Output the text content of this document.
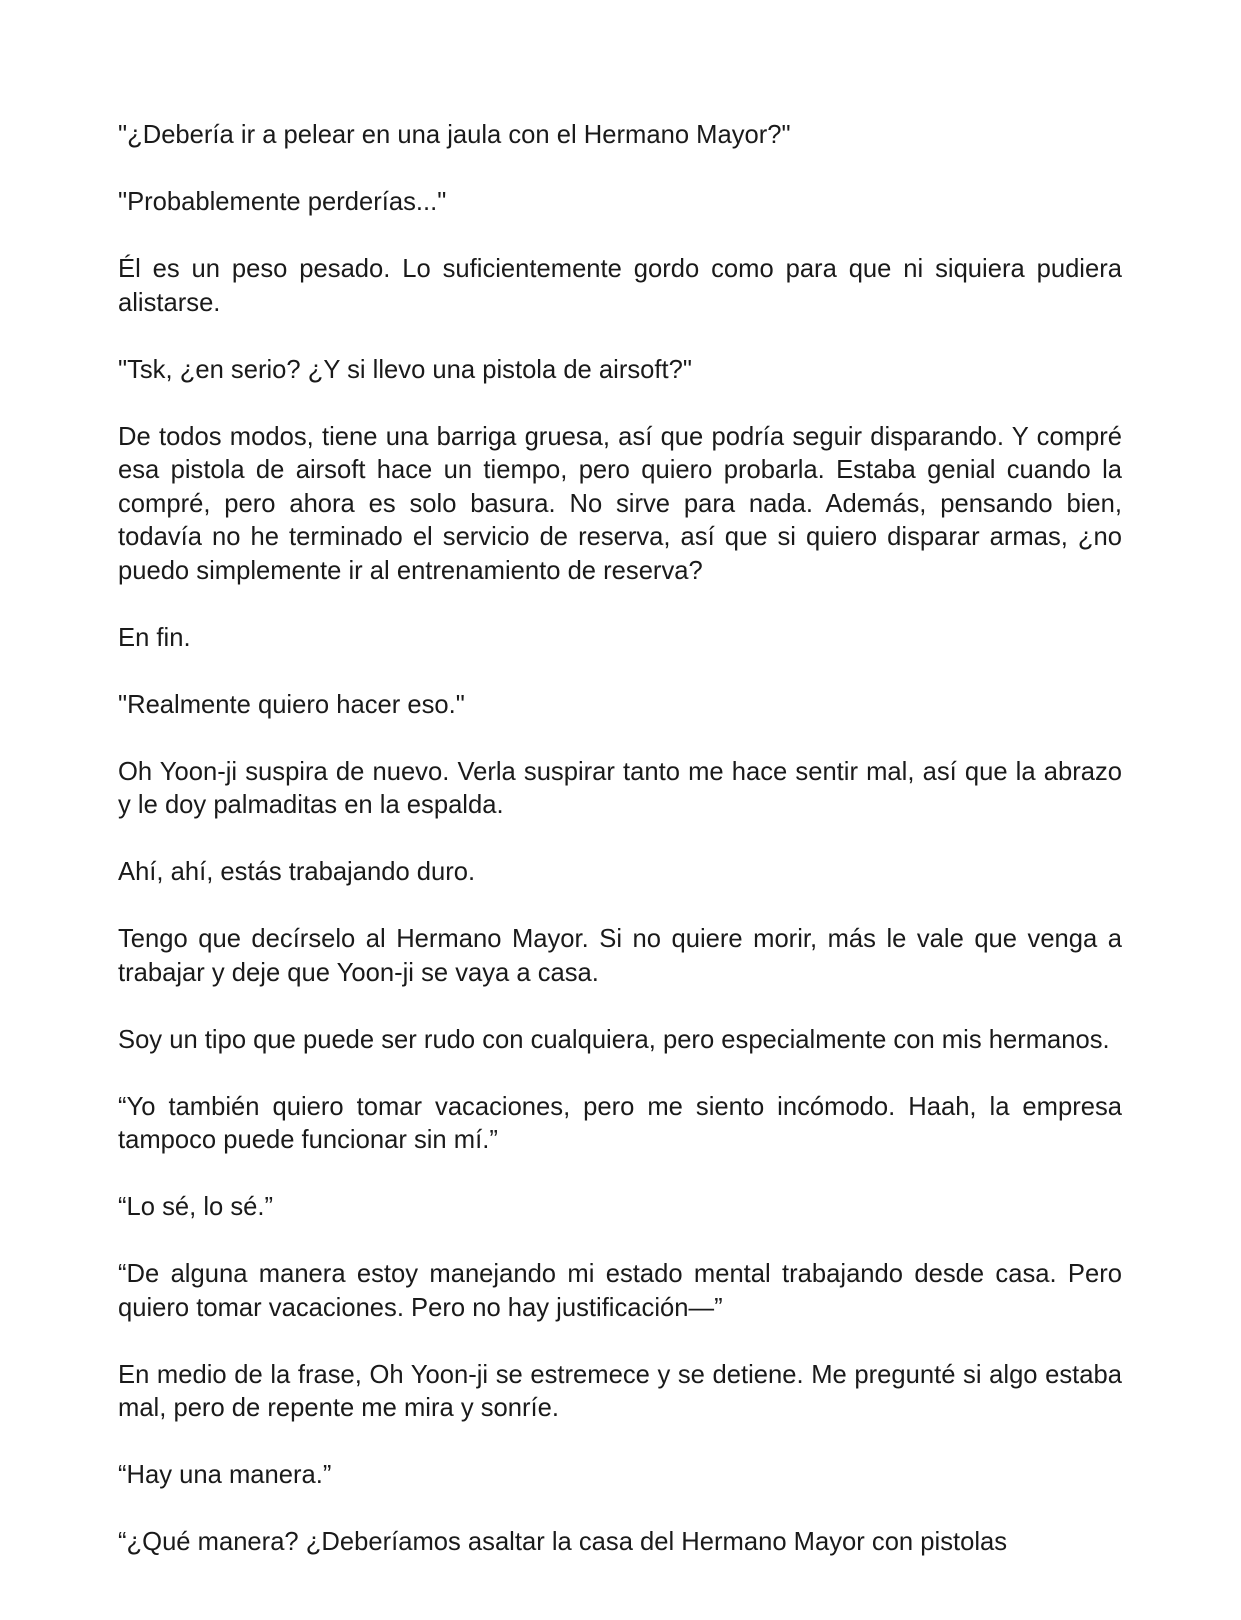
"¿Debería ir a pelear en una jaula con el Hermano Mayor?"

"Probablemente perderías..."

Él es un peso pesado. Lo suficientemente gordo como para que ni siquiera pudiera alistarse.

"Tsk, ¿en serio? ¿Y si llevo una pistola de airsoft?"

De todos modos, tiene una barriga gruesa, así que podría seguir disparando. Y compré esa pistola de airsoft hace un tiempo, pero quiero probarla. Estaba genial cuando la compré, pero ahora es solo basura. No sirve para nada. Además, pensando bien, todavía no he terminado el servicio de reserva, así que si quiero disparar armas, ¿no puedo simplemente ir al entrenamiento de reserva?

En fin.

"Realmente quiero hacer eso."

Oh Yoon-ji suspira de nuevo. Verla suspirar tanto me hace sentir mal, así que la abrazo y le doy palmaditas en la espalda.

Ahí, ahí, estás trabajando duro.

Tengo que decírselo al Hermano Mayor. Si no quiere morir, más le vale que venga a trabajar y deje que Yoon-ji se vaya a casa.

Soy un tipo que puede ser rudo con cualquiera, pero especialmente con mis hermanos.

“Yo también quiero tomar vacaciones, pero me siento incómodo. Haah, la empresa tampoco puede funcionar sin mí.”

“Lo sé, lo sé.”

“De alguna manera estoy manejando mi estado mental trabajando desde casa. Pero quiero tomar vacaciones. Pero no hay justificación—”

En medio de la frase, Oh Yoon-ji se estremece y se detiene. Me pregunté si algo estaba mal, pero de repente me mira y sonríe.

“Hay una manera.”

“¿Qué manera? ¿Deberíamos asaltar la casa del Hermano Mayor con pistolas
